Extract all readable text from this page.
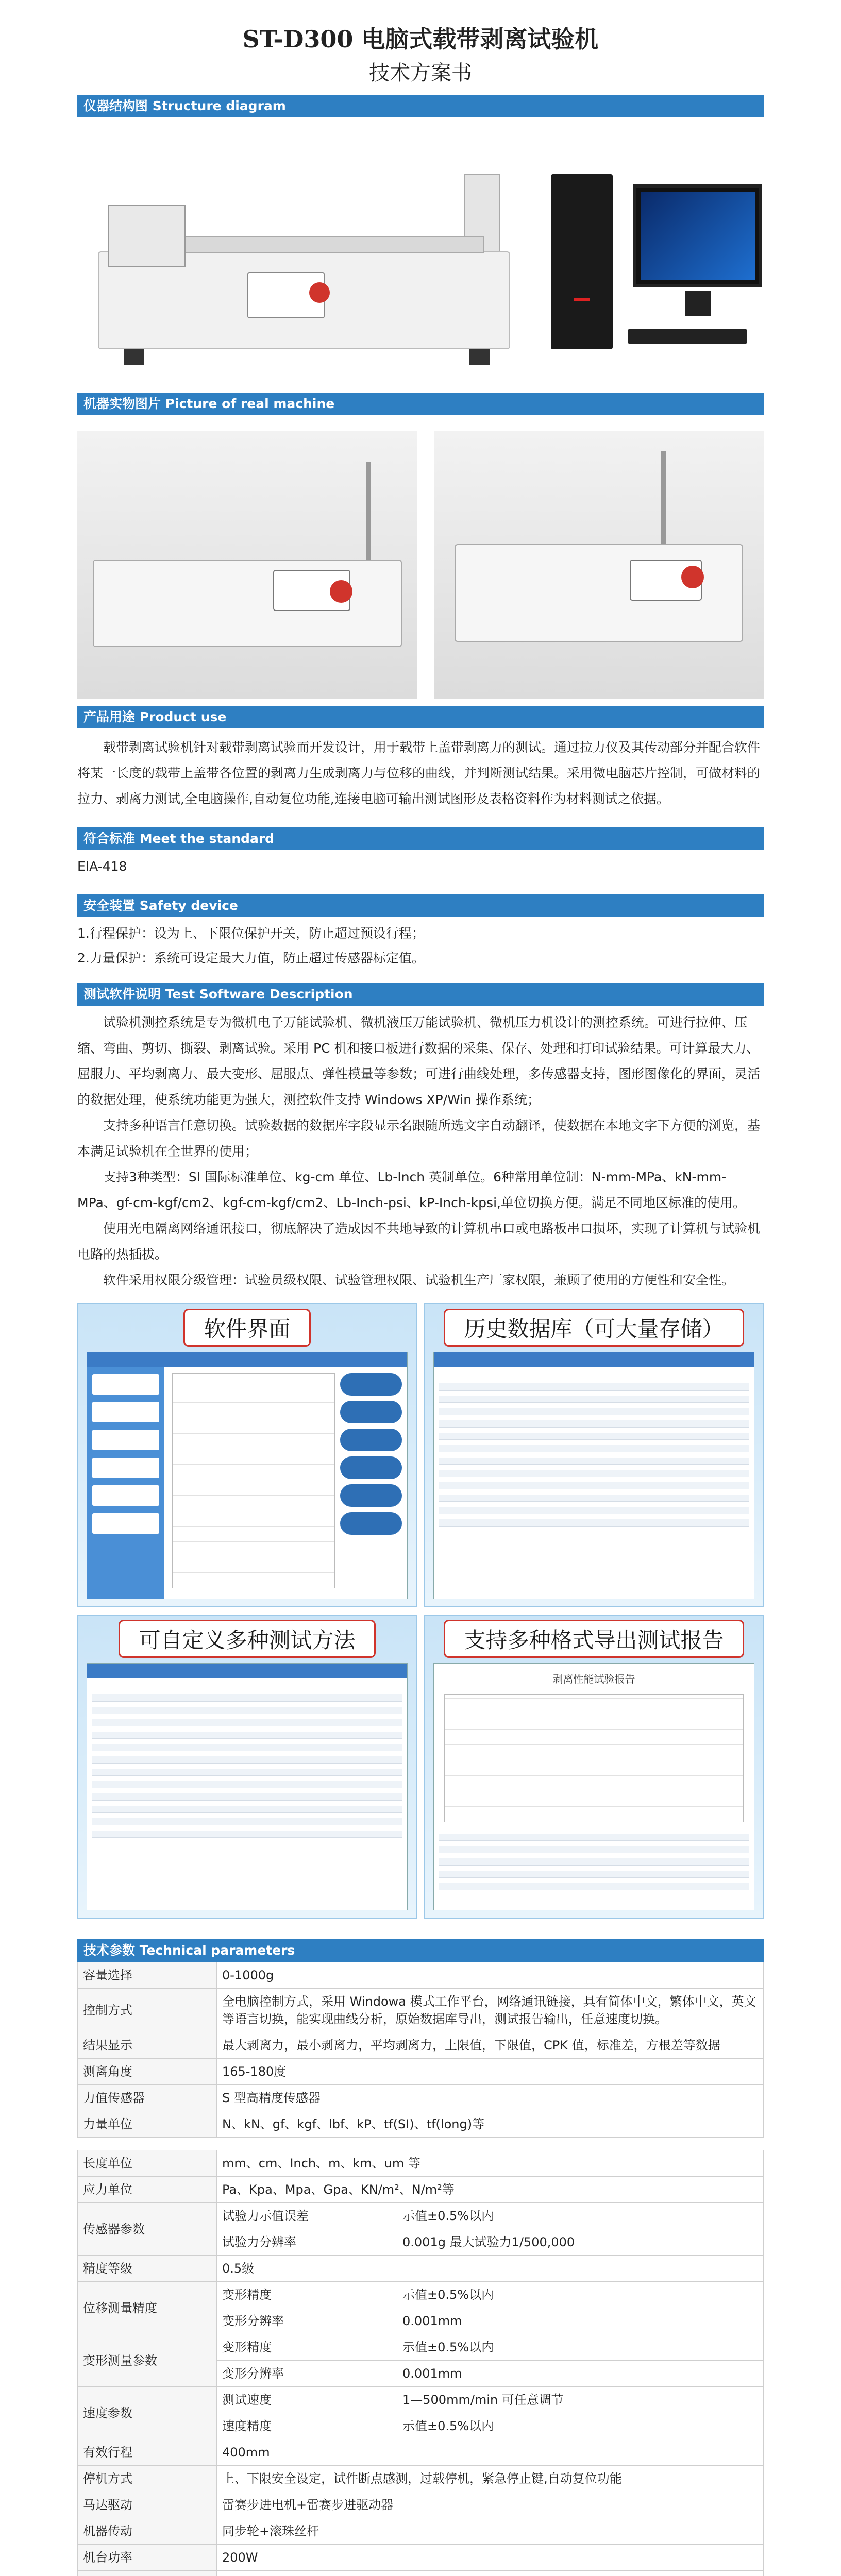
ST-D300 电脑式载带剥离试验机
技术方案书
仪器结构图 Structure diagram
机器实物图片 Picture of real machine
产品用途 Product use

载带剥离试验机针对载带剥离试验而开发设计，用于载带上盖带剥离力的测试。通过拉力仪及其传动部分并配合软件将某一长度的载带上盖带各位置的剥离力生成剥离力与位移的曲线，并判断测试结果。采用微电脑芯片控制，可做材料的拉力、剥离力测试,全电脑操作,自动复位功能,连接电脑可输出测试图形及表格资料作为材料测试之依据。

符合标准 Meet the standard

EIA-418

安全装置 Safety device

1.行程保护：设为上、下限位保护开关，防止超过预设行程；

2.力量保护：系统可设定最大力值，防止超过传感器标定值。

测试软件说明 Test Software Description

试验机测控系统是专为微机电子万能试验机、微机液压万能试验机、微机压力机设计的测控系统。可进行拉伸、压缩、弯曲、剪切、撕裂、剥离试验。采用 PC 机和接口板进行数据的采集、保存、处理和打印试验结果。可计算最大力、屈服力、平均剥离力、最大变形、屈服点、弹性模量等参数；可进行曲线处理，多传感器支持，图形图像化的界面，灵活的数据处理，使系统功能更为强大，测控软件支持 Windows XP/Win 操作系统；

支持多种语言任意切换。试验数据的数据库字段显示名跟随所选文字自动翻译，使数据在本地文字下方便的浏览，基本满足试验机在全世界的使用；

支持3种类型：SI 国际标准单位、kg-cm 单位、Lb-Inch 英制单位。6种常用单位制：N-mm-MPa、kN-mm-MPa、gf-cm-kgf/cm2、kgf-cm-kgf/cm2、Lb-Inch-psi、kP-Inch-kpsi,单位切换方便。满足不同地区标准的使用。

使用光电隔离网络通讯接口，彻底解决了造成因不共地导致的计算机串口或电路板串口损坏，实现了计算机与试验机电路的热插拔。

软件采用权限分级管理：试验员级权限、试验管理权限、试验机生产厂家权限，兼顾了使用的方便性和安全性。

软件界面	历史数据库（可大量存储）
可自定义多种测试方法	支持多种格式导出测试报告
剥离性能试验报告
技术参数 Technical parameters
容量选择	0-1000g
控制方式	全电脑控制方式，采用 Windowa 模式工作平台，网络通讯链接，具有简体中文，繁体中文，英文等语言切换，能实现曲线分析，原始数据库导出，测试报告输出，任意速度切换。
结果显示	最大剥离力，最小剥离力，平均剥离力，上限值，下限值，CPK 值，标准差，方根差等数据
测离角度	165-180度
力值传感器	S 型高精度传感器
力量单位	N、kN、gf、kgf、lbf、kP、tf(SI)、tf(long)等
长度单位	mm、cm、Inch、m、km、um 等	
应力单位	Pa、Kpa、Mpa、Gpa、KN/m²、N/m²等	
传感器参数	试验力示值误差	示值±0.5%以内
	试验力分辨率	0.001g 最大试验力1/500,000
精度等级	0.5级	
位移测量精度	变形精度	示值±0.5%以内
	变形分辨率	0.001mm
变形测量参数	变形精度	示值±0.5%以内
	变形分辨率	0.001mm
速度参数	测试速度	1—500mm/min 可任意调节
	速度精度	示值±0.5%以内
有效行程	400mm	
停机方式	上、下限安全设定，试件断点感测，过载停机，紧急停止键,自动复位功能	
马达驱动	雷赛步进电机+雷赛步进驱动器	
机器传动	同步轮+滚珠丝杆	
机台功率	200W	
